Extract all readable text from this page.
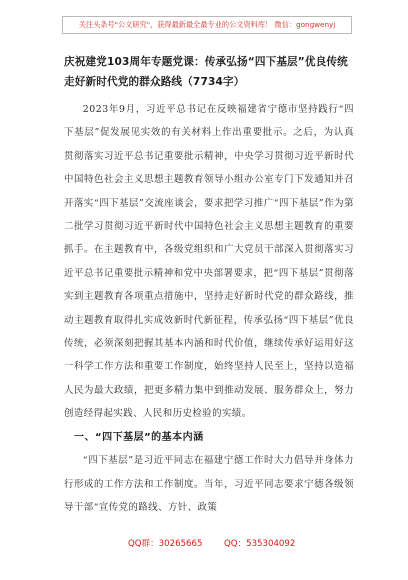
关注头条号"公文研究"，获得最新最全最专业的公文资料库！ 微信：gongwenyj
庆祝建党103周年专题党课：传承弘扬“四下基层”优良传统走好新时代党的群众路线（7734字）

2023年9月，习近平总书记在反映福建省宁德市坚持践行“四下基层”促发展见实效的有关材料上作出重要批示。之后，为认真贯彻落实习近平总书记重要批示精神，中央学习贯彻习近平新时代中国特色社会主义思想主题教育领导小组办公室专门下发通知并召开落实“四下基层”交流座谈会，要求把学习推广“四下基层”作为第二批学习贯彻习近平新时代中国特色社会主义思想主题教育的重要抓手。在主题教育中，各级党组织和广大党员干部深入贯彻落实习近平总书记重要批示精神和党中央部署要求，把“四下基层”贯彻落实到主题教育各项重点措施中，坚持走好新时代党的群众路线，推动主题教育取得扎实成效新时代新征程，传承弘扬“四下基层”优良传统，必须深刻把握其基本内涵和时代价值，继续传承好运用好这一科学工作方法和重要工作制度，始终坚持人民至上，坚持以造福人民为最大政绩，把更多精力集中到推动发展、服务群众上，努力创造经得起实践、人民和历史检验的实绩。

一、“四下基层”的基本内涵

“四下基层”是习近平同志在福建宁德工作时大力倡导并身体力行形成的工作方法和工作制度。当年，习近平同志要求宁德各级领导干部“宣传党的路线、方针、政策

QQ群：30265665	QQ：535304092
